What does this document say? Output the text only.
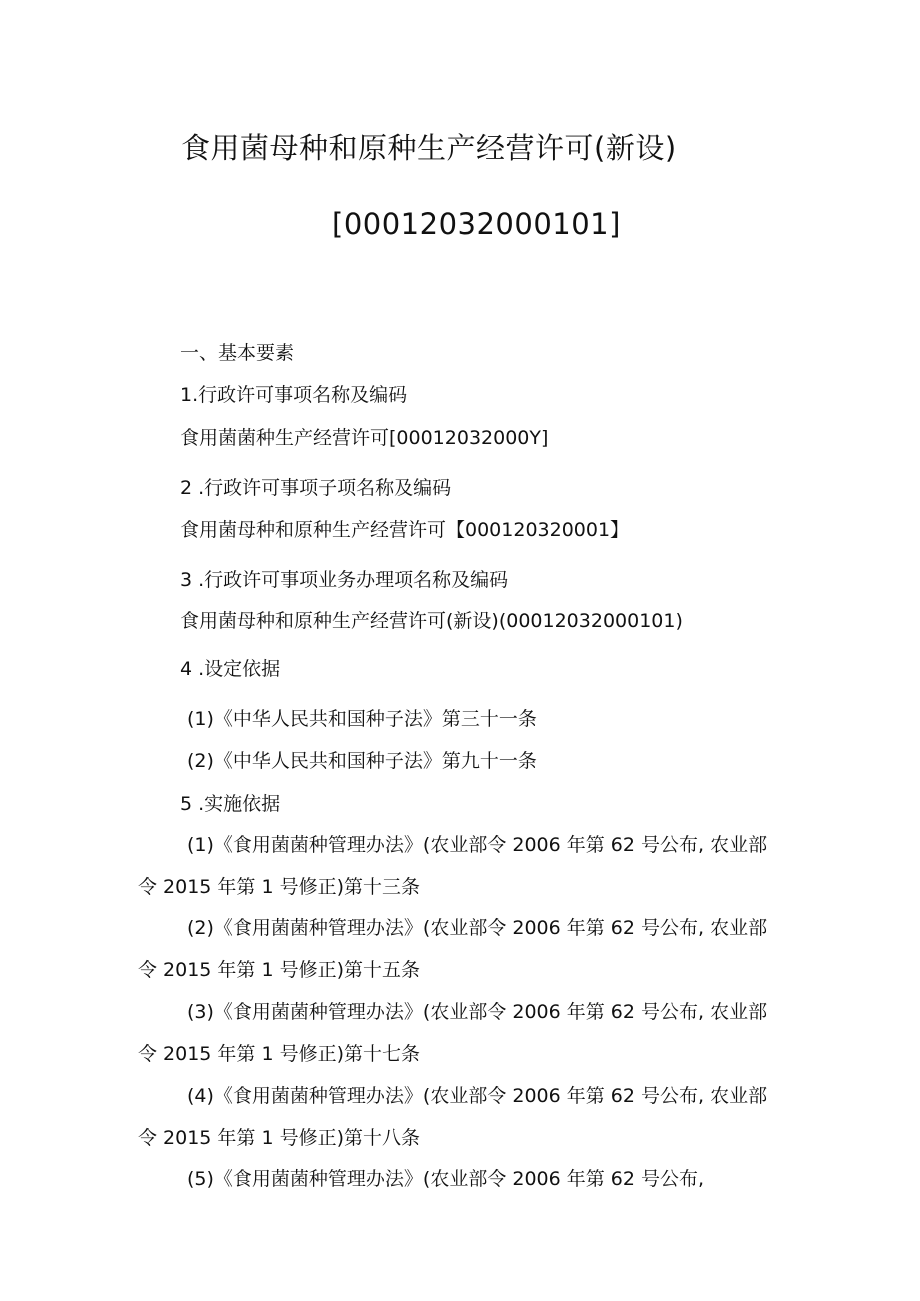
食用菌母种和原种生产经营许可(新设)
[00012032000101]
一、基本要素
1.行政许可事项名称及编码
食用菌菌种生产经营许可[00012032000Y]
2 .行政许可事项子项名称及编码
食用菌母种和原种生产经营许可【000120320001】
3 .行政许可事项业务办理项名称及编码
食用菌母种和原种生产经营许可(新设)(00012032000101)
4 .设定依据
(1)《中华人民共和国种子法》第三十一条
(2)《中华人民共和国种子法》第九十一条
5 .实施依据
(1)《食用菌菌种管理办法》(农业部令 2006 年第 62 号公布, 农业部
令 2015 年第 1 号修正)第十三条
(2)《食用菌菌种管理办法》(农业部令 2006 年第 62 号公布, 农业部
令 2015 年第 1 号修正)第十五条
(3)《食用菌菌种管理办法》(农业部令 2006 年第 62 号公布, 农业部
令 2015 年第 1 号修正)第十七条
(4)《食用菌菌种管理办法》(农业部令 2006 年第 62 号公布, 农业部
令 2015 年第 1 号修正)第十八条
(5)《食用菌菌种管理办法》(农业部令 2006 年第 62 号公布,
